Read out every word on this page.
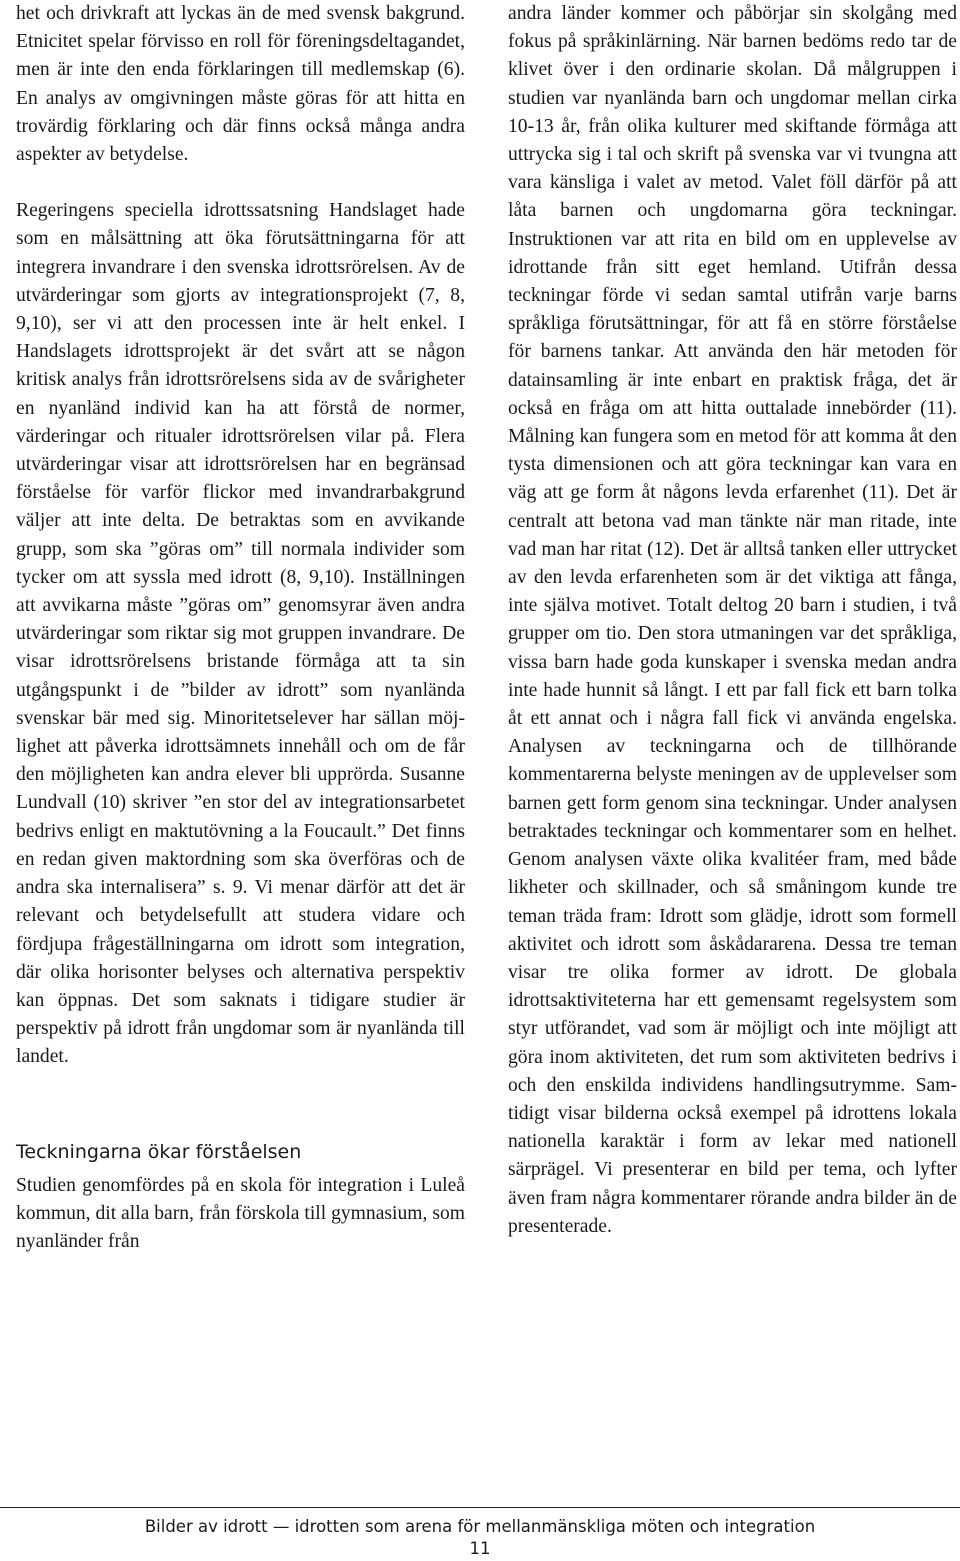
het och drivkraft att lyckas än de med svensk bakgrund. Etnicitet spelar förvisso en roll för föreningsdeltagandet, men är inte den enda förklaringen till medlemskap (6). En analys av omgivningen måste göras för att hitta en trovärdig förklaring och där finns också många andra aspekter av betydelse.

Regeringens speciella idrottssatsning Handslaget hade som en målsättning att öka förutsättningarna för att integrera invandrare i den svenska idrottsrörelsen. Av de utvärderingar som gjorts av integrationsprojekt (7, 8, 9,10), ser vi att den processen inte är helt enkel. I Handslagets idrottsprojekt är det svårt att se någon kritisk analys från idrottsrörelsens sida av de svårigheter en nyanländ individ kan ha att förstå de normer, värderingar och ritualer idrottsrörelsen vilar på. Flera utvärderingar visar att idrottsrörelsen har en begränsad förståelse för varför flickor med invandrarbakgrund väljer att inte delta. De betraktas som en avvikande grupp, som ska ”göras om” till normala individer som tycker om att syssla med idrott (8, 9,10). Inställningen att avvikarna måste ”göras om” genomsyrar även andra utvärderingar som riktar sig mot gruppen invandrare. De visar idrottsrörelsens bristande förmåga att ta sin utgångspunkt i de ”bilder av idrott” som nyanlända svenskar bär med sig. Minoritetselever har sällan möjlighet att påverka idrottsämnets innehåll och om de får den möjligheten kan andra elever bli upprörda. Susanne Lundvall (10) skriver ”en stor del av integrationsarbetet bedrivs enligt en maktutövning a la Foucault.” Det finns en redan given maktordning som ska överföras och de andra ska internalisera” s. 9. Vi menar därför att det är relevant och betydelsefullt att studera vidare och fördjupa frågeställningarna om idrott som integration, där olika horisonter belyses och alternativa perspektiv kan öppnas. Det som saknats i tidigare studier är perspektiv på idrott från ungdomar som är nyanlända till landet.

Teckningarna ökar förståelsen

Studien genomfördes på en skola för integration i Luleå kommun, dit alla barn, från förskola till gymnasium, som nyanländer från

andra länder kommer och påbörjar sin skolgång med fokus på språkinlärning. När barnen bedöms redo tar de klivet över i den ordinarie skolan. Då målgruppen i studien var nyanlända barn och ungdomar mellan cirka 10-13 år, från olika kulturer med skiftande förmåga att uttrycka sig i tal och skrift på svenska var vi tvungna att vara känsliga i valet av metod. Valet föll därför på att låta barnen och ungdomarna göra teckningar. Instruktionen var att rita en bild om en upplevelse av idrottande från sitt eget hemland. Utifrån dessa teckningar förde vi sedan samtal utifrån varje barns språkliga förutsättningar, för att få en större förståelse för barnens tankar. Att använda den här metoden för datainsamling är inte enbart en praktisk fråga, det är också en fråga om att hitta outtalade innebörder (11). Målning kan fungera som en metod för att komma åt den tysta dimensionen och att göra teckningar kan vara en väg att ge form åt någons levda erfarenhet (11). Det är centralt att betona vad man tänkte när man ritade, inte vad man har ritat (12). Det är alltså tanken eller uttrycket av den levda erfarenheten som är det viktiga att fånga, inte själva motivet. Totalt deltog 20 barn i studien, i två grupper om tio. Den stora utmaningen var det språkliga, vissa barn hade goda kunskaper i svenska medan andra inte hade hunnit så långt. I ett par fall fick ett barn tolka åt ett annat och i några fall fick vi använda engelska. Analysen av teckningarna och de tillhörande kommentarerna belyste meningen av de upplevelser som barnen gett form genom sina teckningar. Under analysen betraktades teckningar och kommentarer som en helhet. Genom analysen växte olika kvalitéer fram, med både likheter och skillnader, och så småningom kunde tre teman träda fram: Idrott som glädje, idrott som formell aktivitet och idrott som åskådararena. Dessa tre teman visar tre olika former av idrott. De globala idrottsaktiviteterna har ett gemensamt regelsystem som styr utförandet, vad som är möjligt och inte möjligt att göra inom aktiviteten, det rum som aktiviteten bedrivs i och den enskilda individens handlingsutrymme. Samtidigt visar bilderna också exempel på idrottens lokala nationella karaktär i form av lekar med nationell särprägel. Vi presenterar en bild per tema, och lyfter även fram några kommentarer rörande andra bilder än de presenterade.

Bilder av idrott — idrotten som arena för mellanmänskliga möten och integration
11
